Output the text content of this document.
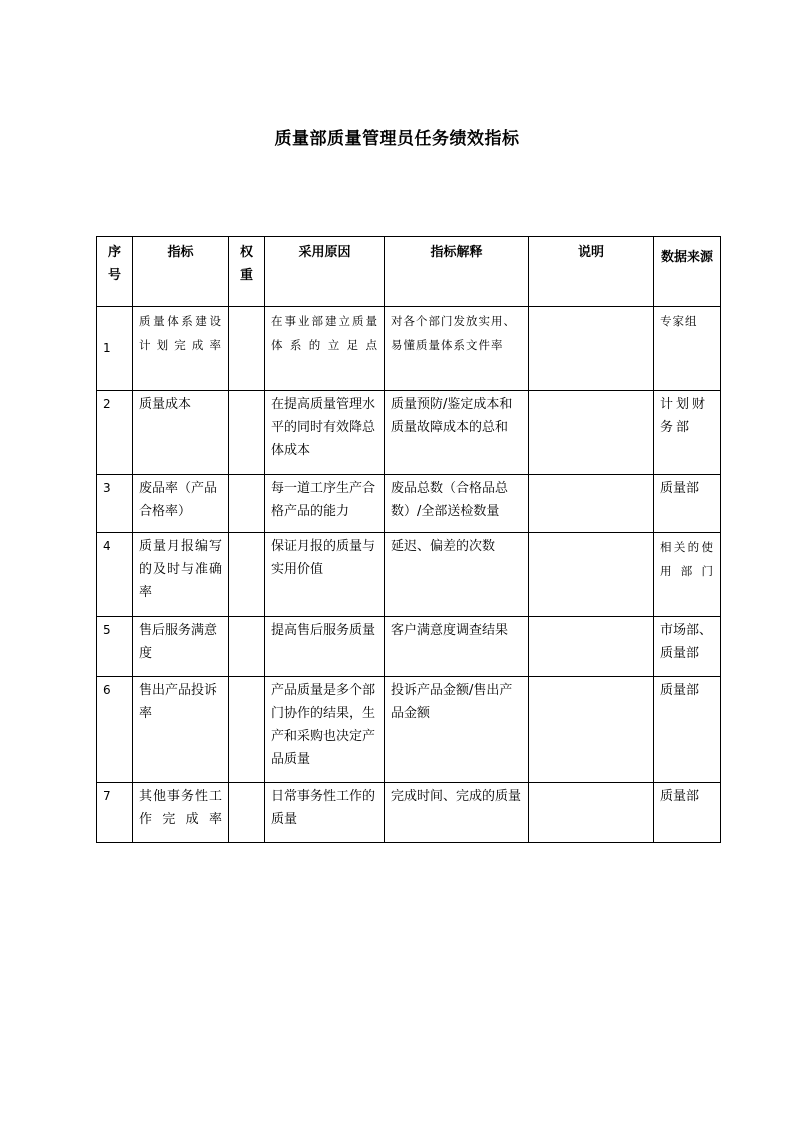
质量部质量管理员任务绩效指标
序号	指标	权重	采用原因	指标解释	说明	数据来源
1	质量体系建设计划完成率		在事业部建立质量体系的立足点	对各个部门发放实用、易懂质量体系文件率		专家组
2	质量成本		在提高质量管理水平的同时有效降总体成本	质量预防/鉴定成本和质量故障成本的总和		计划财务部
3	废品率（产品合格率）		每一道工序生产合格产品的能力	废品总数（合格品总数）/全部送检数量		质量部
4	质量月报编写的及时与准确率		保证月报的质量与实用价值	延迟、偏差的次数		相关的使用部门
5	售后服务满意度		提高售后服务质量	客户满意度调查结果		市场部、质量部
6	售出产品投诉率		产品质量是多个部门协作的结果，生产和采购也决定产品质量	投诉产品金额/售出产品金额		质量部
7	其他事务性工作完成率		日常事务性工作的质量	完成时间、完成的质量		质量部
